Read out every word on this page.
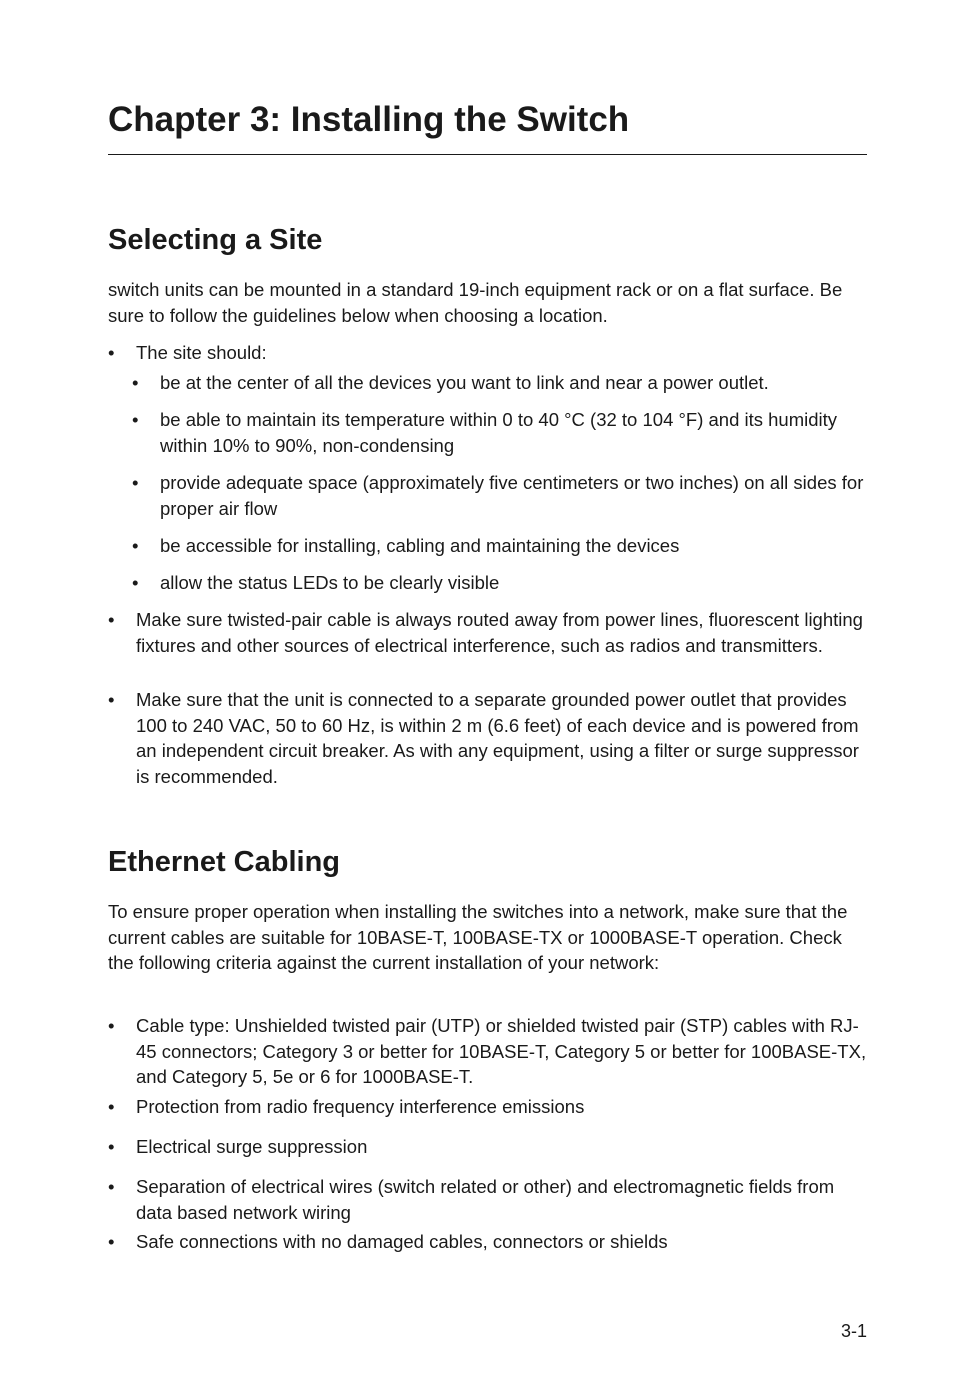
Chapter 3: Installing the Switch
Selecting a Site

switch units can be mounted in a standard 19-inch equipment rack or on a flat surface. Be sure to follow the guidelines below when choosing a location.

•	The site should:
•	be at the center of all the devices you want to link and near a power outlet.
•	be able to maintain its temperature within 0 to 40 °C (32 to 104 °F) and its humidity within 10% to 90%, non-condensing
•	provide adequate space (approximately five centimeters or two inches) on all sides for proper air flow
•	be accessible for installing, cabling and maintaining the devices
•	allow the status LEDs to be clearly visible
•	Make sure twisted-pair cable is always routed away from power lines, fluorescent lighting fixtures and other sources of electrical interference, such as radios and transmitters.
•	Make sure that the unit is connected to a separate grounded power outlet that provides 100 to 240 VAC, 50 to 60 Hz, is within 2 m (6.6 feet) of each device and is powered from an independent circuit breaker. As with any equipment, using a filter or surge suppressor is recommended.
Ethernet Cabling

To ensure proper operation when installing the switches into a network, make sure that the current cables are suitable for 10BASE-T, 100BASE-TX or 1000BASE-T operation. Check the following criteria against the current installation of your network:

•	Cable type: Unshielded twisted pair (UTP) or shielded twisted pair (STP) cables with RJ-45 connectors; Category 3 or better for 10BASE-T, Category 5 or better for 100BASE-TX, and Category 5, 5e or 6 for 1000BASE-T.
•	Protection from radio frequency interference emissions
•	Electrical surge suppression
•	Separation of electrical wires (switch related or other) and electromagnetic fields from data based network wiring
•	Safe connections with no damaged cables, connectors or shields
3-1
